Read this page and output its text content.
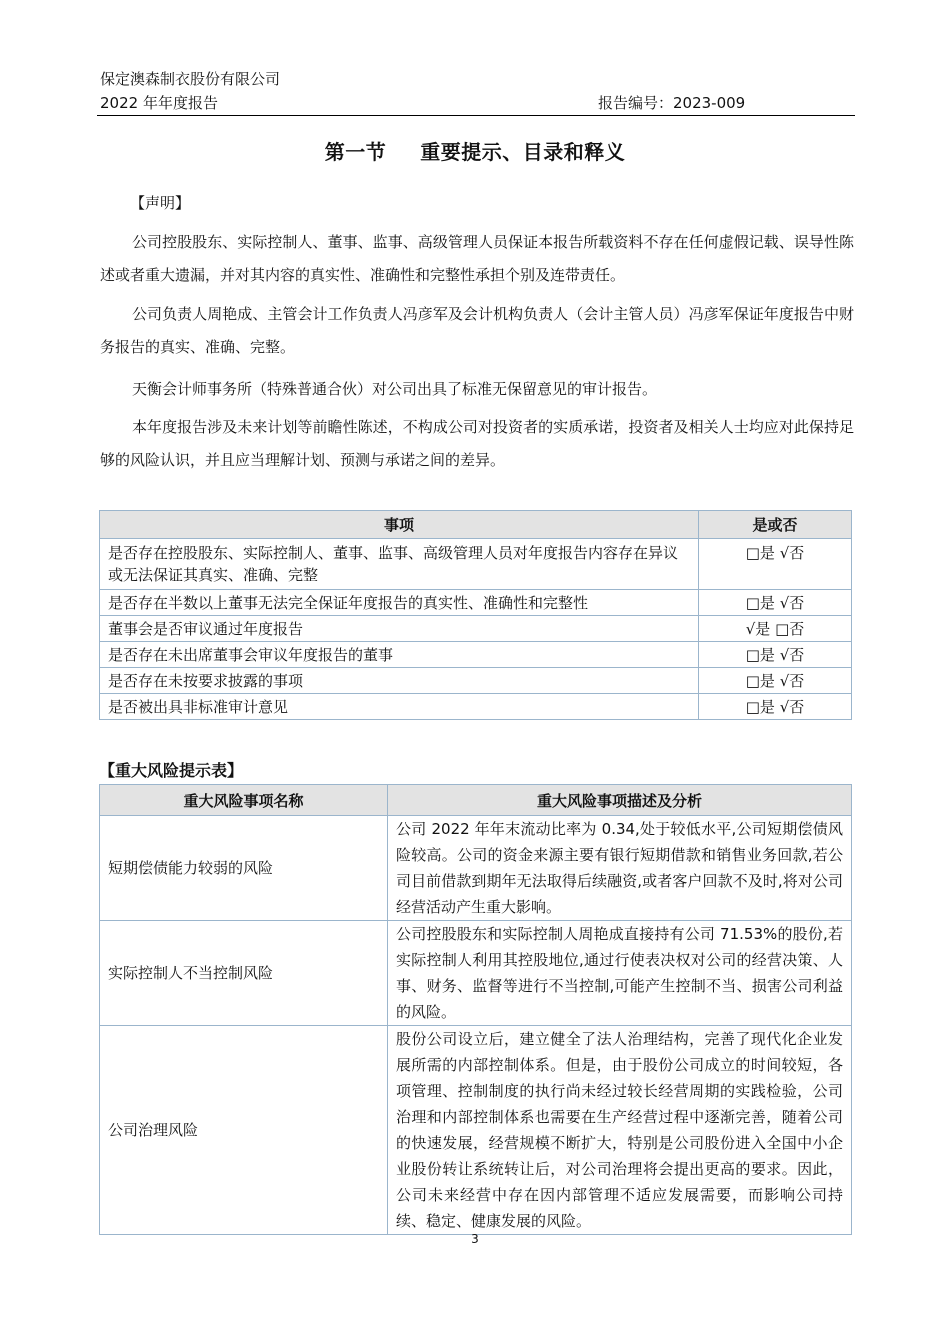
保定澳森制衣股份有限公司
2022 年年度报告	报告编号：2023-009
第一节 重要提示、目录和释义
【声明】
公司控股股东、实际控制人、董事、监事、高级管理人员保证本报告所载资料不存在任何虚假记载、误导性陈述或者重大遗漏，并对其内容的真实性、准确性和完整性承担个别及连带责任。
公司负责人周艳成、主管会计工作负责人冯彦军及会计机构负责人（会计主管人员）冯彦军保证年度报告中财务报告的真实、准确、完整。
天衡会计师事务所（特殊普通合伙）对公司出具了标准无保留意见的审计报告。
本年度报告涉及未来计划等前瞻性陈述，不构成公司对投资者的实质承诺，投资者及相关人士均应对此保持足够的风险认识，并且应当理解计划、预测与承诺之间的差异。
事项	是或否
是否存在控股股东、实际控制人、董事、监事、高级管理人员对年度报告内容存在异议或无法保证其真实、准确、完整	□是 √否
是否存在半数以上董事无法完全保证年度报告的真实性、准确性和完整性	□是 √否
董事会是否审议通过年度报告	√是 □否
是否存在未出席董事会审议年度报告的董事	□是 √否
是否存在未按要求披露的事项	□是 √否
是否被出具非标准审计意见	□是 √否
【重大风险提示表】
重大风险事项名称	重大风险事项描述及分析
短期偿债能力较弱的风险	公司 2022 年年末流动比率为 0.34,处于较低水平,公司短期偿债风险较高。公司的资金来源主要有银行短期借款和销售业务回款,若公司目前借款到期年无法取得后续融资,或者客户回款不及时,将对公司经营活动产生重大影响。
实际控制人不当控制风险	公司控股股东和实际控制人周艳成直接持有公司 71.53%的股份,若实际控制人利用其控股地位,通过行使表决权对公司的经营决策、人事、财务、监督等进行不当控制,可能产生控制不当、损害公司利益的风险。
公司治理风险	股份公司设立后，建立健全了法人治理结构，完善了现代化企业发展所需的内部控制体系。但是，由于股份公司成立的时间较短，各项管理、控制制度的执行尚未经过较长经营周期的实践检验，公司治理和内部控制体系也需要在生产经营过程中逐渐完善，随着公司的快速发展，经营规模不断扩大，特别是公司股份进入全国中小企业股份转让系统转让后，对公司治理将会提出更高的要求。因此，公司未来经营中存在因内部管理不适应发展需要，而影响公司持续、稳定、健康发展的风险。
3
